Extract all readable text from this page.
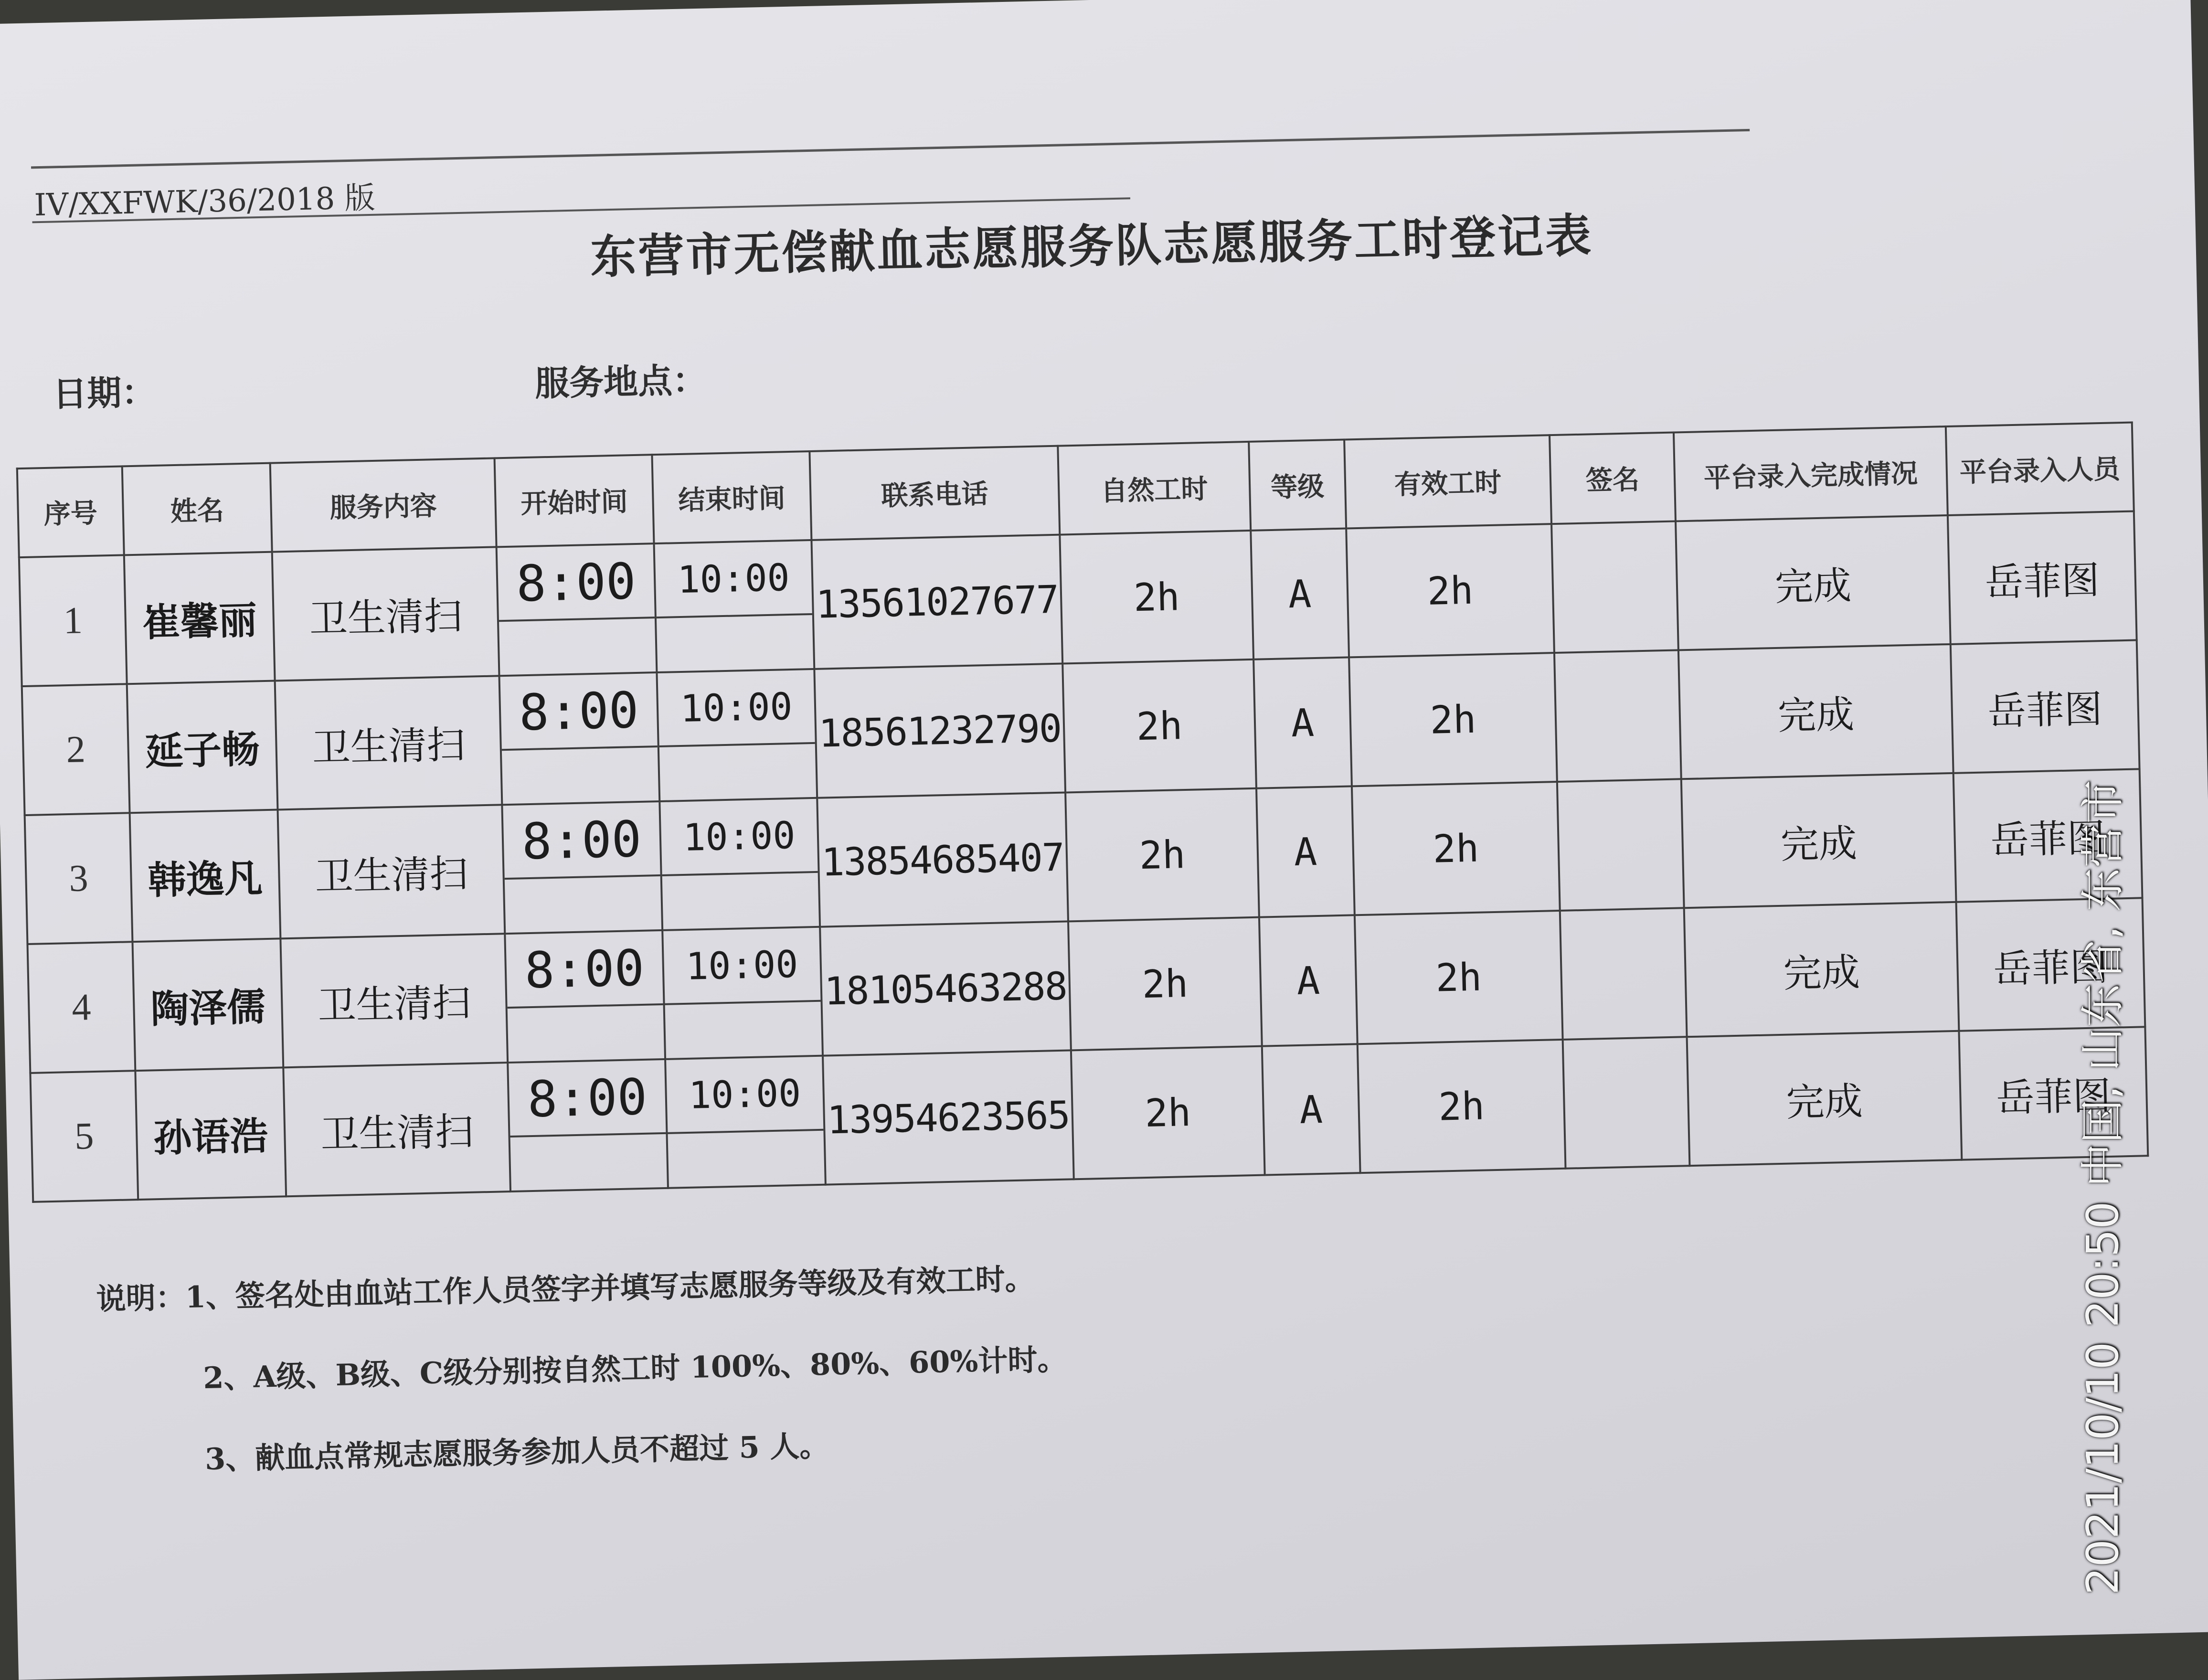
IV/XXFWK/36/2018 版
东营市无偿献血志愿服务队志愿服务工时登记表
日期：	服务地点：
序号	姓名	服务内容	开始时间	结束时间	联系电话	自然工时	等级	有效工时	签名	平台录入完成情况	平台录入人员
1	崔馨丽	卫生清扫	8:00	10:00	13561027677	2h	A	2h		完成	岳菲图
2	延子畅	卫生清扫	8:00	10:00	18561232790	2h	A	2h		完成	岳菲图
3	韩逸凡	卫生清扫	8:00	10:00	13854685407	2h	A	2h		完成	岳菲图
4	陶泽儒	卫生清扫	8:00	10:00	18105463288	2h	A	2h		完成	岳菲图
5	孙语浩	卫生清扫	8:00	10:00	13954623565	2h	A	2h		完成	岳菲图
说明：1、签名处由血站工作人员签字并填写志愿服务等级及有效工时。
2、A级、B级、C级分别按自然工时 100%、80%、60%计时。
3、献血点常规志愿服务参加人员不超过 5 人。	2021/10/10 20:50 中国, 山东省, 东营市
